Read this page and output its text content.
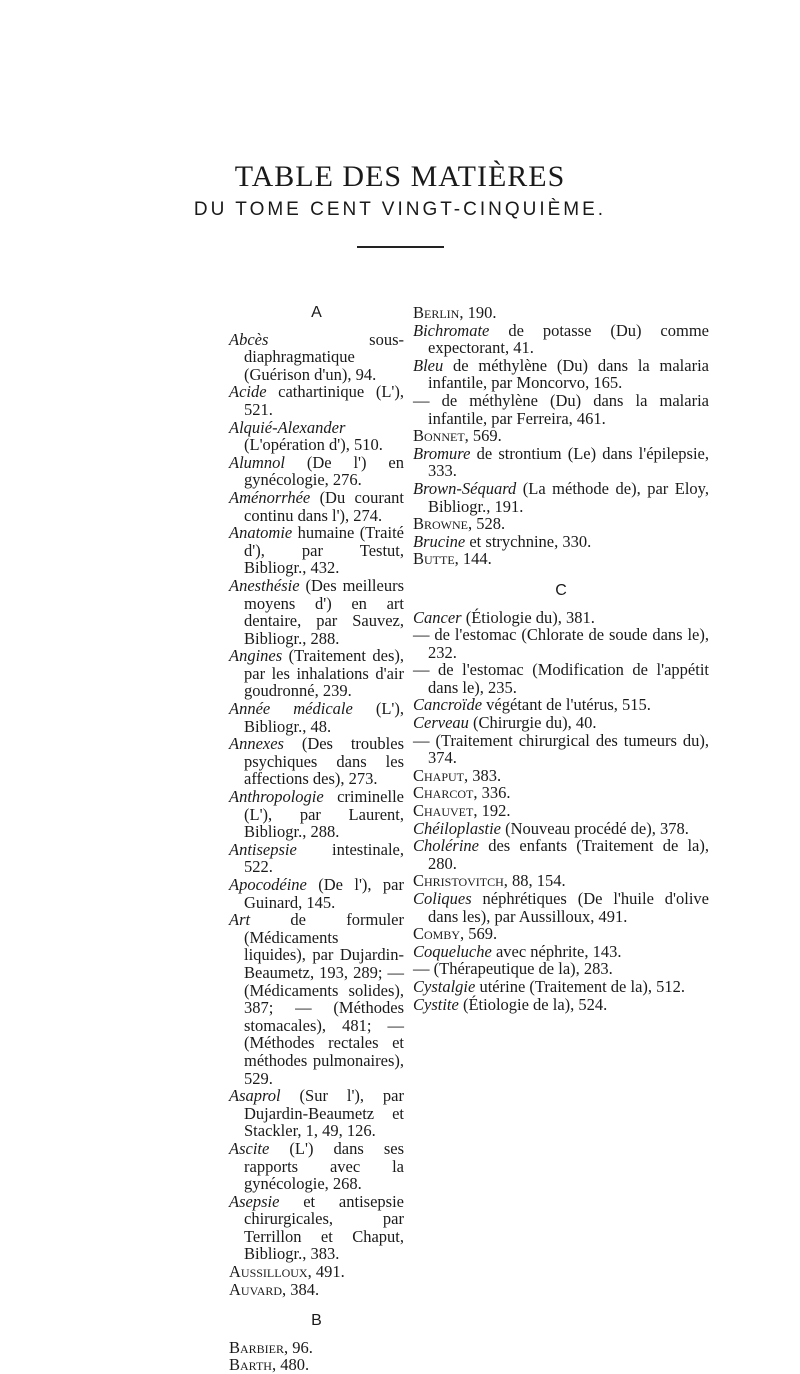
TABLE DES MATIÈRES
DU TOME CENT VINGT-CINQUIÈME.
A
Abcès sous-diaphragmatique (Guérison d'un), 94.
Acide cathartinique (L'), 521.
Alquié-Alexander (L'opération d'), 510.
Alumnol (De l') en gynécologie, 276.
Aménorrhée (Du courant continu dans l'), 274.
Anatomie humaine (Traité d'), par Testut, Bibliogr., 432.
Anesthésie (Des meilleurs moyens d') en art dentaire, par Sauvez, Bibliogr., 288.
Angines (Traitement des), par les inhalations d'air goudronné, 239.
Année médicale (L'), Bibliogr., 48.
Annexes (Des troubles psychiques dans les affections des), 273.
Anthropologie criminelle (L'), par Laurent, Bibliogr., 288.
Antisepsie intestinale, 522.
Apocodéine (De l'), par Guinard, 145.
Art de formuler (Médicaments liquides), par Dujardin-Beaumetz, 193, 289; — (Médicaments solides), 387; — (Méthodes stomacales), 481; — (Méthodes rectales et méthodes pulmonaires), 529.
Asaprol (Sur l'), par Dujardin-Beaumetz et Stackler, 1, 49, 126.
Ascite (L') dans ses rapports avec la gynécologie, 268.
Asepsie et antisepsie chirurgicales, par Terrillon et Chaput, Bibliogr., 383.
Aussilloux, 491.
Auvard, 384.
B
Barbier, 96.
Barth, 480.
Berlin, 190.
Bichromate de potasse (Du) comme expectorant, 41.
Bleu de méthylène (Du) dans la malaria infantile, par Moncorvo, 165.
— de méthylène (Du) dans la malaria infantile, par Ferreira, 461.
Bonnet, 569.
Bromure de strontium (Le) dans l'épilepsie, 333.
Brown-Séquard (La méthode de), par Eloy, Bibliogr., 191.
Browne, 528.
Brucine et strychnine, 330.
Butte, 144.
C
Cancer (Étiologie du), 381.
— de l'estomac (Chlorate de soude dans le), 232.
— de l'estomac (Modification de l'appétit dans le), 235.
Cancroïde végétant de l'utérus, 515.
Cerveau (Chirurgie du), 40.
— (Traitement chirurgical des tumeurs du), 374.
Chaput, 383.
Charcot, 336.
Chauvet, 192.
Chéiloplastie (Nouveau procédé de), 378.
Cholérine des enfants (Traitement de la), 280.
Christovitch, 88, 154.
Coliques néphrétiques (De l'huile d'olive dans les), par Aussilloux, 491.
Comby, 569.
Coqueluche avec néphrite, 143.
— (Thérapeutique de la), 283.
Cystalgie utérine (Traitement de la), 512.
Cystite (Étiologie de la), 524.
